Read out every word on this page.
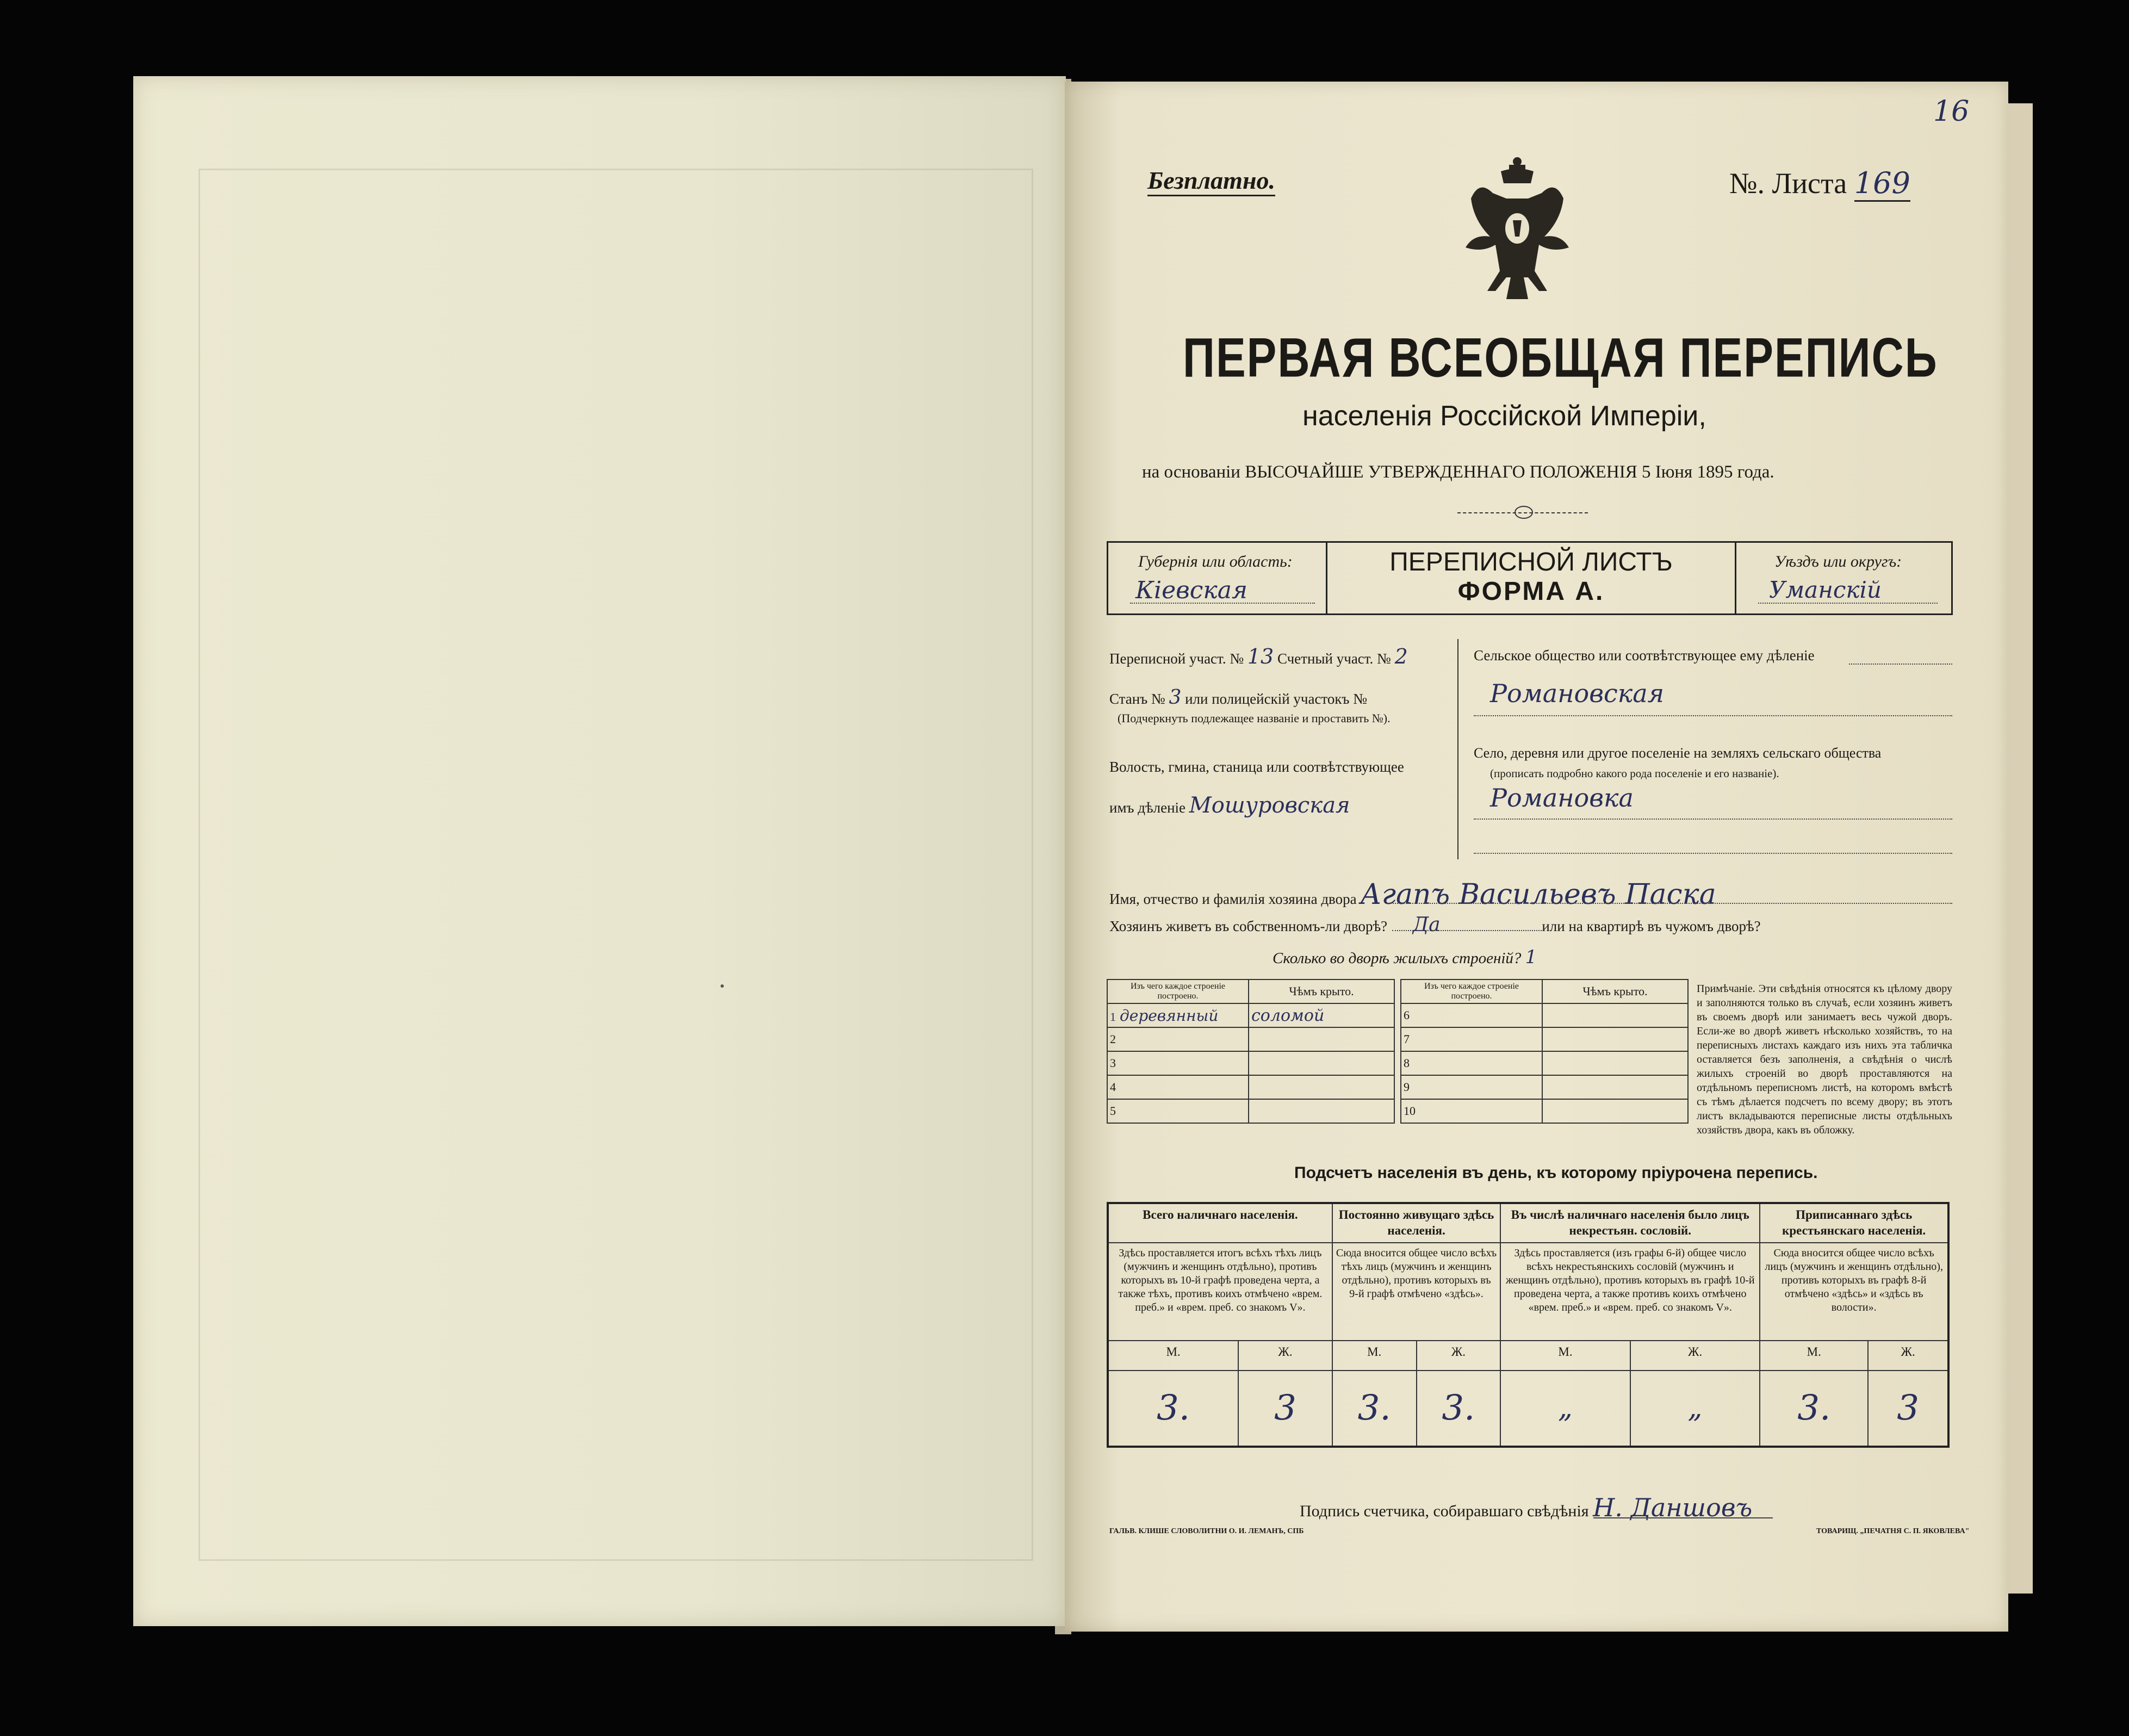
Безплатно.	№. Листа 169
16
ПЕРВАЯ ВСЕОБЩАЯ ПЕРЕПИСЬ
населенія Россійской Имперіи,
на основаніи ВЫСОЧАЙШЕ УТВЕРЖДЕННАГО ПОЛОЖЕНІЯ 5 Іюня 1895 года.
Губернія или область:
Кіевская
ПЕРЕПИСНОЙ ЛИСТЪ
ФОРМА А.
Уѣздъ или округъ:
Уманскій
Переписной участ. № 13 Счетный участ. № 2
Станъ № 3 или полицейскій участокъ №
(Подчеркнуть подлежащее названіе и проставить №).
Волость, гмина, станица или соотвѣтствующее
имъ дѣленіе Мошуровская
Сельское общество или соотвѣтствующее ему дѣленіе
Романовская
Село, деревня или другое поселеніе на земляхъ сельскаго общества
(прописать подробно какого рода поселеніе и его названіе).
Романовка
Имя, отчество и фамилія хозяина двора Агапъ Васильевъ Паска
Хозяинъ живетъ въ собственномъ-ли дворѣ? Да	или на квартирѣ въ чужомъ дворѣ?
Сколько во дворѣ жилыхъ строеній? 1
Изъ чего каждое строеніе построено.	Чѣмъ крыто.
1 деревянный	соломой
2	
3	
4	
5	
Изъ чего каждое строеніе построено.	Чѣмъ крыто.
6	
7	
8	
9	
10	
Примѣчаніе. Эти свѣдѣнія относятся къ цѣлому двору и заполняются только въ случаѣ, если хозяинъ живетъ въ своемъ дворѣ или занимаетъ весь чужой дворъ. Если-же во дворѣ живетъ нѣсколько хозяйствъ, то на переписныхъ листахъ каждаго изъ нихъ эта табличка оставляется безъ заполненія, а свѣдѣнія о числѣ жилыхъ строеній во дворѣ проставляются на отдѣльномъ переписномъ листѣ, на которомъ вмѣстѣ съ тѣмъ дѣлается подсчетъ по всему двору; въ этотъ листъ вкладываются переписные листы отдѣльныхъ хозяйствъ двора, какъ въ обложку.
Подсчетъ населенія въ день, къ которому пріурочена перепись.
Всего наличнаго населенія.		Постоянно живущаго здѣсь населенія.		Въ числѣ наличнаго населенія было лицъ некрестьян. сословій.		Приписаннаго здѣсь крестьянскаго населенія.	
Здѣсь проставляется итогъ всѣхъ тѣхъ лицъ (мужчинъ и женщинъ отдѣльно), противъ которыхъ въ 10-й графѣ проведена черта, а также тѣхъ, противъ коихъ отмѣчено «врем. преб.» и «врем. преб. со знакомъ V».		Сюда вносится общее число всѣхъ тѣхъ лицъ (мужчинъ и женщинъ отдѣльно), противъ которыхъ въ 9-й графѣ отмѣчено «здѣсь».		Здѣсь проставляется (изъ графы 6-й) общее число всѣхъ некрестьянскихъ сословій (мужчинъ и женщинъ отдѣльно), противъ которыхъ въ графѣ 10-й проведена черта, а также противъ коихъ отмѣчено «врем. преб.» и «врем. преб. со знакомъ V».		Сюда вносится общее число всѣхъ лицъ (мужчинъ и женщинъ отдѣльно), противъ которыхъ въ графѣ 8-й отмѣчено «здѣсь» и «здѣсь въ волости».	
М.	Ж.	М.	Ж.	М.	Ж.	М.	Ж.
3.	3	3.	3.	„	„	3.	3
Подпись счетчика, собиравшаго свѣдѣнія Н. Даншовъ
ГАЛЬВ. КЛИШЕ СЛОВОЛИТНИ О. И. ЛЕМАНЪ, СПБ	ТОВАРИЩ. „ПЕЧАТНЯ С. П. ЯКОВЛЕВА"
